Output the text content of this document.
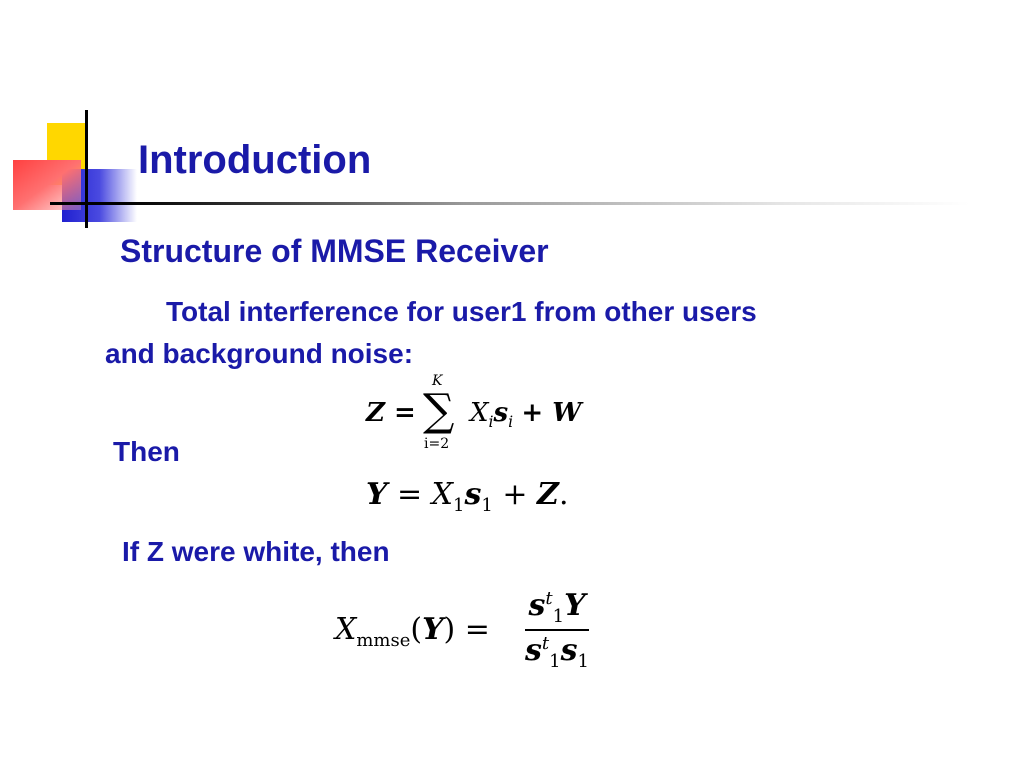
Introduction
Structure of MMSE Receiver
Total interference for user1 from other users
and background noise:
Z =
K
∑
i=2
$X_is_i + W$
Then
$Y = X_1s_1 + Z$.
If Z were white, then
$X_{mmse}(Y)$ =
$s^t_1Y$
$s^t_1s_1$
